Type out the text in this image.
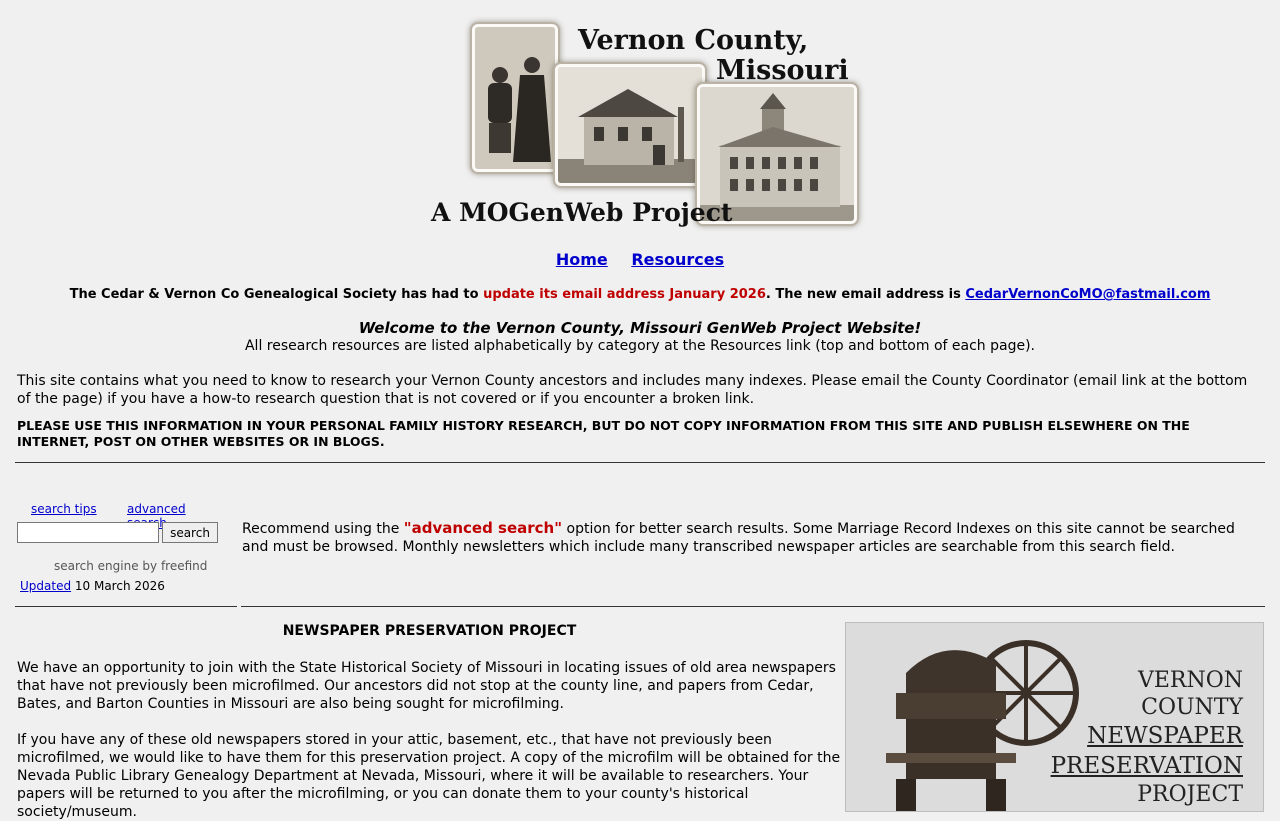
Vernon County,
Missouri
A MOGenWeb Project
Home Resources
The Cedar & Vernon Co Genealogical Society has had to update its email address January 2026. The new email address is CedarVernonCoMO@fastmail.com
Welcome to the Vernon County, Missouri GenWeb Project Website!
All research resources are listed alphabetically by category at the Resources link (top and bottom of each page).
This site contains what you need to know to research your Vernon County ancestors and includes many indexes. Please email the County Coordinator (email link at the bottom of the page) if you have a how-to research question that is not covered or if you encounter a broken link.
PLEASE USE THIS INFORMATION IN YOUR PERSONAL FAMILY HISTORY RESEARCH, BUT DO NOT COPY INFORMATION FROM THIS SITE AND PUBLISH ELSEWHERE ON THE INTERNET, POST ON OTHER WEBSITES OR IN BLOGS.
search tips	advanced
search
search engine by freefind
Updated 10 March 2026
Recommend using the "advanced search" option for better search results. Some Marriage Record Indexes on this site cannot be searched and must be browsed. Monthly newsletters which include many transcribed newspaper articles are searchable from this search field.
NEWSPAPER PRESERVATION PROJECT
We have an opportunity to join with the State Historical Society of Missouri in locating issues of old area newspapers that have not previously been microfilmed. Our ancestors did not stop at the county line, and papers from Cedar, Bates, and Barton Counties in Missouri are also being sought for microfilming.
If you have any of these old newspapers stored in your attic, basement, etc., that have not previously been microfilmed, we would like to have them for this preservation project. A copy of the microfilm will be obtained for the Nevada Public Library Genealogy Department at Nevada, Missouri, where it will be available to researchers. Your papers will be returned to you after the microfilming, or you can donate them to your county's historical society/museum.
VERNON
COUNTY
NEWSPAPER
PRESERVATION
PROJECT
